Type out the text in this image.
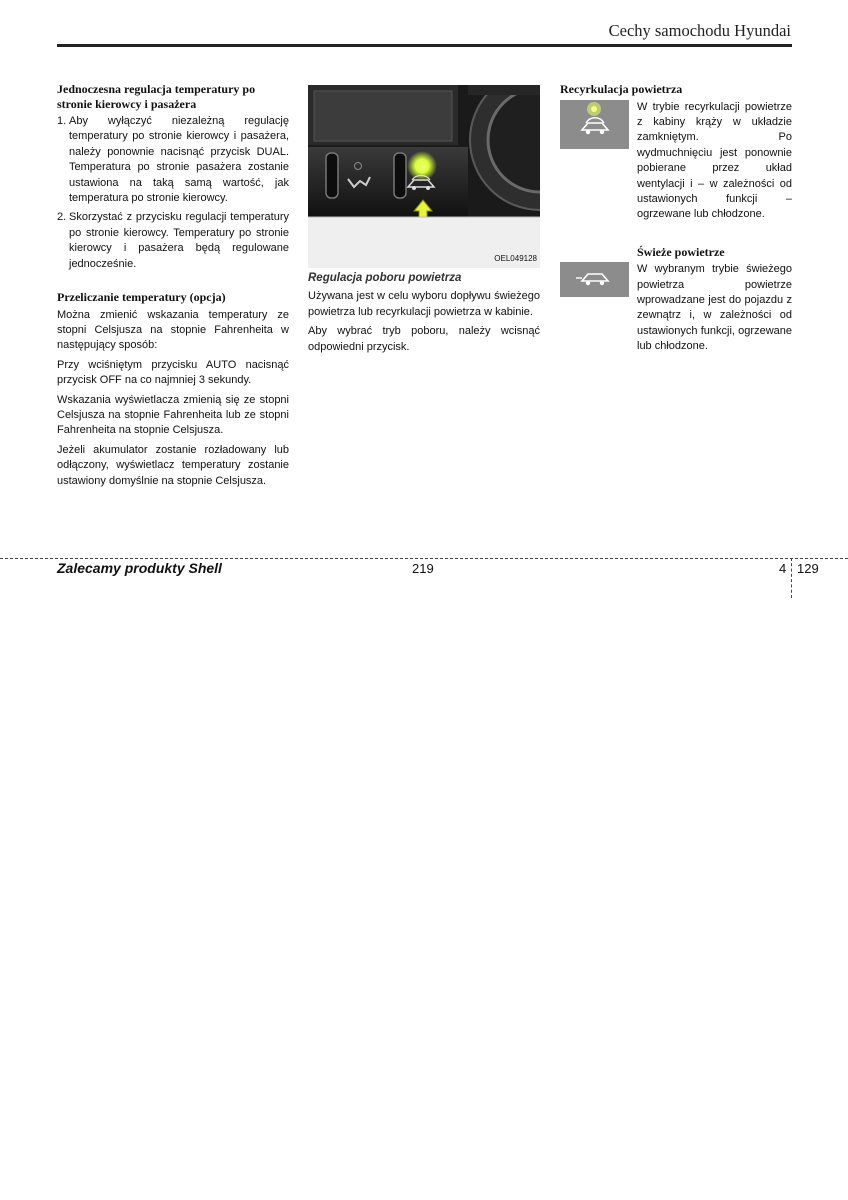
Cechy samochodu Hyundai
Jednoczesna regulacja temperatury po stronie kierowcy i pasażera
1. Aby wyłączyć niezależną regulację temperatury po stronie kierowcy i pasażera, należy ponownie nacisnąć przycisk DUAL. Temperatura po stronie pasażera zostanie ustawiona na taką samą wartość, jak temperatura po stronie kierowcy.
2. Skorzystać z przycisku regulacji temperatury po stronie kierowcy. Temperatury po stronie kierowcy i pasażera będą regulowane jednocześnie.
Przeliczanie temperatury (opcja)

Można zmienić wskazania temperatury ze stopni Celsjusza na stopnie Fahrenheita w następujący sposób:

Przy wciśniętym przycisku AUTO nacisnąć przycisk OFF na co najmniej 3 sekundy.

Wskazania wyświetlacza zmienią się ze stopni Celsjusza na stopnie Fahrenheita lub ze stopni Fahrenheita na stopnie Celsjusza.

Jeżeli akumulator zostanie rozładowany lub odłączony, wyświetlacz temperatury zostanie ustawiony domyślnie na stopnie Celsjusza.

OEL049128
Regulacja poboru powietrza

Używana jest w celu wyboru dopływu świeżego powietrza lub recyrkulacji powietrza w kabinie.

Aby wybrać tryb poboru, należy wcisnąć odpowiedni przycisk.

Recyrkulacja powietrza

W trybie recyrkulacji powietrze z kabiny krąży w układzie zamkniętym. Po wydmuchnięciu jest ponownie pobierane przez układ wentylacji i – w zależności od ustawionych funkcji – ogrzewane lub chłodzone.

Świeże powietrze

W wybranym trybie świeżego powietrza powietrze wprowadzane jest do pojazdu z zewnątrz i, w zależności od ustawionych funkcji, ogrzewane lub chłodzone.

Zalecamy produkty Shell	219	4 129
